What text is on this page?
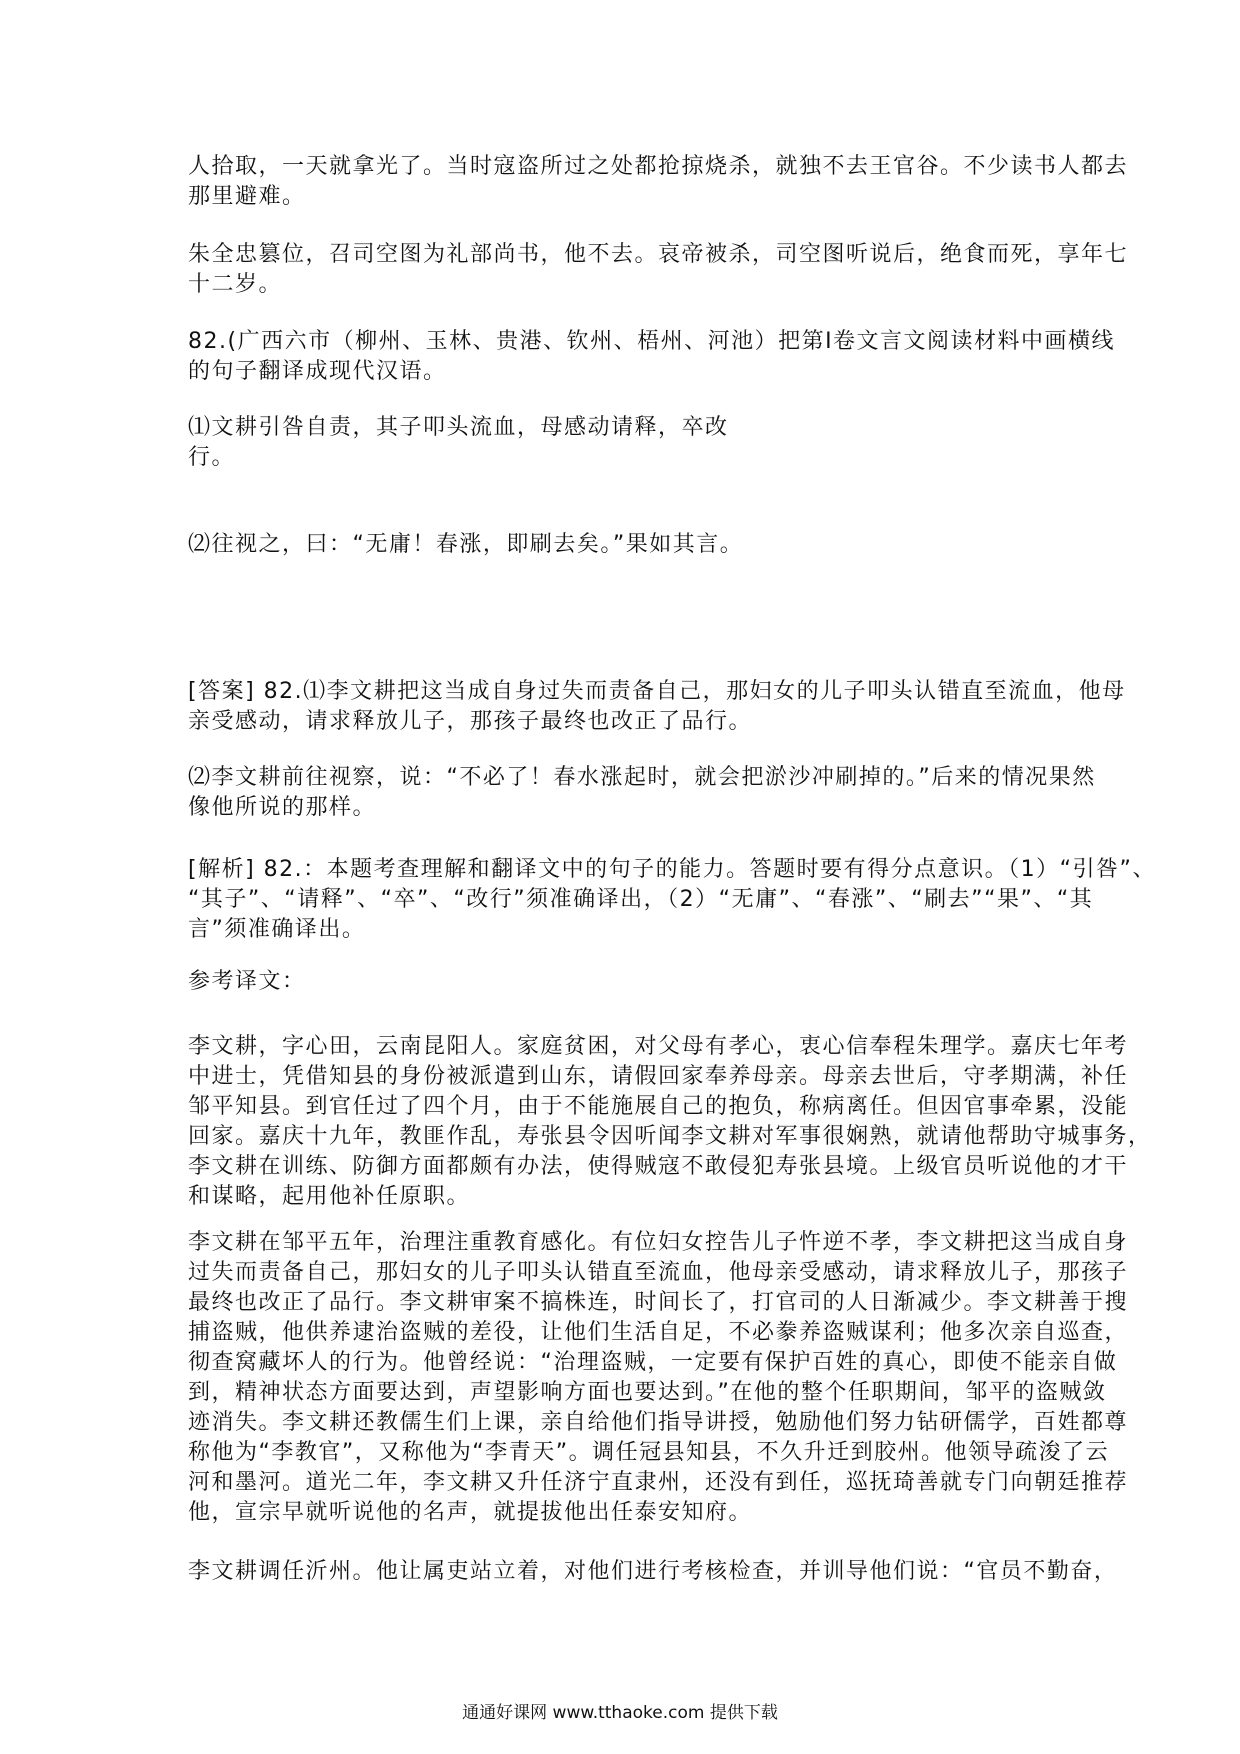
人拾取，一天就拿光了。当时寇盗所过之处都抢掠烧杀，就独不去王官谷。不少读书人都去
那里避难。
朱全忠篡位，召司空图为礼部尚书，他不去。哀帝被杀，司空图听说后，绝食而死，享年七
十二岁。
82.(广西六市（柳州、玉林、贵港、钦州、梧州、河池）把第Ⅰ卷文言文阅读材料中画横线
的句子翻译成现代汉语。
⑴文耕引咎自责，其子叩头流血，母感动请释，卒改
行。
⑵往视之，曰：“无庸！春涨，即刷去矣。”果如其言。
[答案] 82.⑴李文耕把这当成自身过失而责备自己，那妇女的儿子叩头认错直至流血，他母
亲受感动，请求释放儿子，那孩子最终也改正了品行。
⑵李文耕前往视察，说：“不必了！春水涨起时，就会把淤沙冲刷掉的。”后来的情况果然
像他所说的那样。
[解析] 82.：本题考查理解和翻译文中的句子的能力。答题时要有得分点意识。（1）“引咎”、
“其子”、“请释”、“卒”、“改行”须准确译出，（2）“无庸”、“春涨”、“刷去”“果”、“其
言”须准确译出。
参考译文：
李文耕，字心田，云南昆阳人。家庭贫困，对父母有孝心，衷心信奉程朱理学。嘉庆七年考
中进士，凭借知县的身份被派遣到山东，请假回家奉养母亲。母亲去世后，守孝期满，补任
邹平知县。到官任过了四个月，由于不能施展自己的抱负，称病离任。但因官事牵累，没能
回家。嘉庆十九年，教匪作乱，寿张县令因听闻李文耕对军事很娴熟，就请他帮助守城事务，
李文耕在训练、防御方面都颇有办法，使得贼寇不敢侵犯寿张县境。上级官员听说他的才干
和谋略，起用他补任原职。
李文耕在邹平五年，治理注重教育感化。有位妇女控告儿子忤逆不孝，李文耕把这当成自身
过失而责备自己，那妇女的儿子叩头认错直至流血，他母亲受感动，请求释放儿子，那孩子
最终也改正了品行。李文耕审案不搞株连，时间长了，打官司的人日渐减少。李文耕善于搜
捕盗贼，他供养逮治盗贼的差役，让他们生活自足，不必豢养盗贼谋利；他多次亲自巡查，
彻查窝藏坏人的行为。他曾经说：“治理盗贼，一定要有保护百姓的真心，即使不能亲自做
到，精神状态方面要达到，声望影响方面也要达到。”在他的整个任职期间，邹平的盗贼敛
迹消失。李文耕还教儒生们上课，亲自给他们指导讲授，勉励他们努力钻研儒学，百姓都尊
称他为“李教官”，又称他为“李青天”。调任冠县知县，不久升迁到胶州。他领导疏浚了云
河和墨河。道光二年，李文耕又升任济宁直隶州，还没有到任，巡抚琦善就专门向朝廷推荐
他，宣宗早就听说他的名声，就提拔他出任泰安知府。
李文耕调任沂州。他让属吏站立着，对他们进行考核检查，并训导他们说：“官员不勤奋，
通通好课网 www.tthaoke.com 提供下载
